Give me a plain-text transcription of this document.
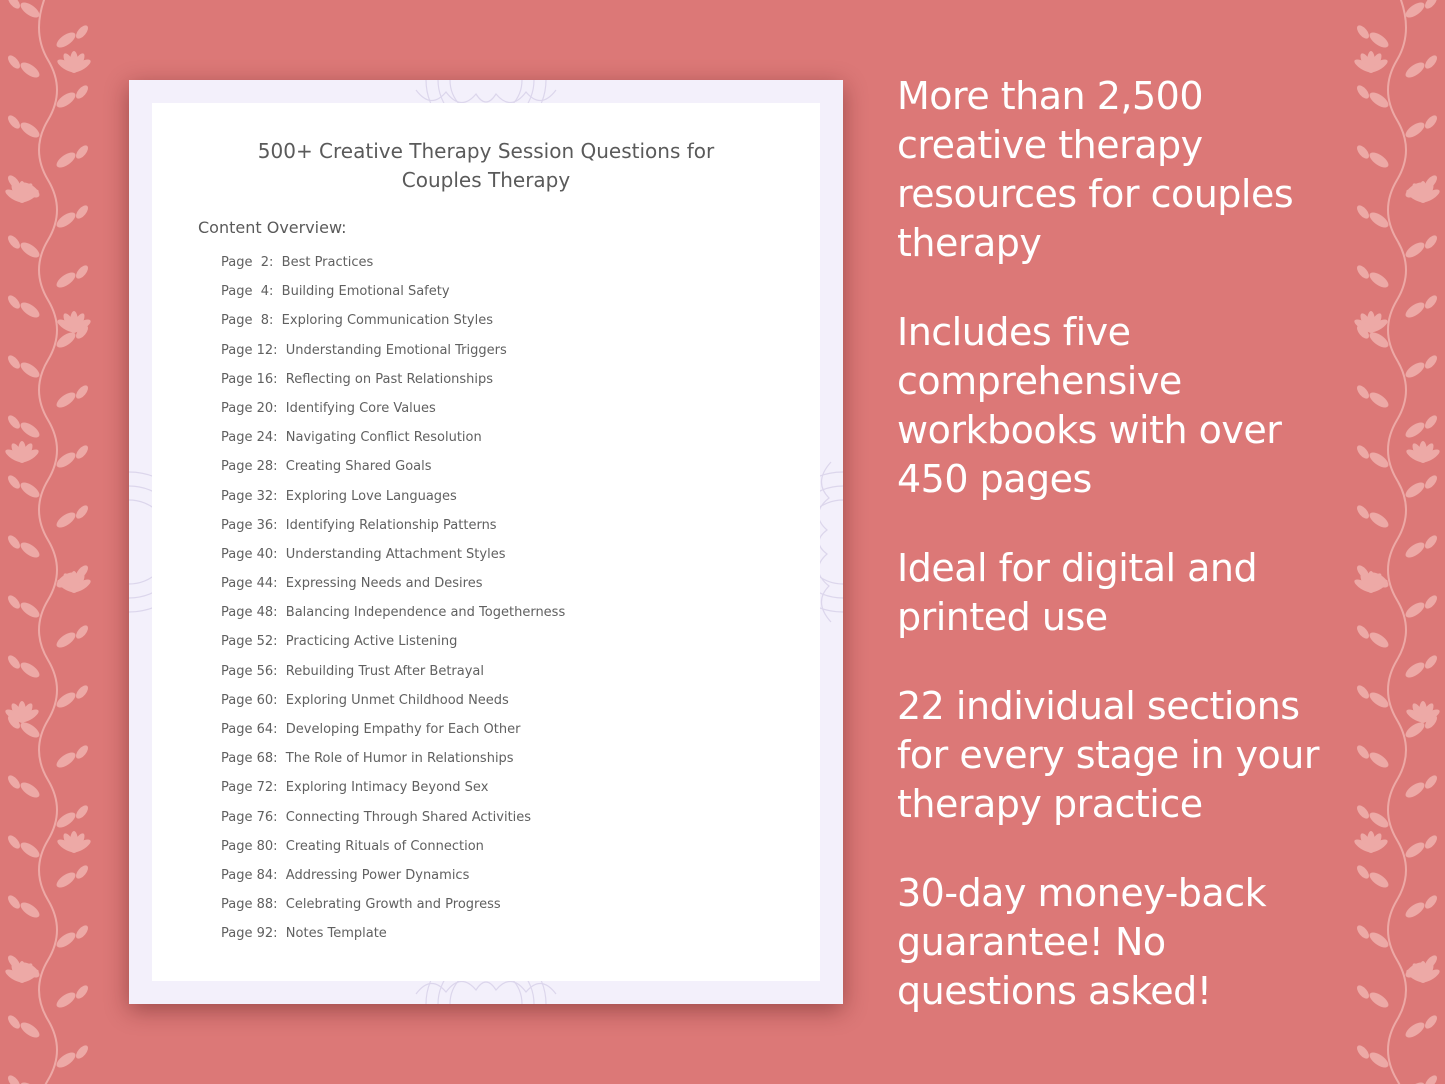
500+ Creative Therapy Session Questions for
Couples Therapy
Content Overview:
Page  2: Best Practices
Page  4: Building Emotional Safety
Page  8: Exploring Communication Styles
Page 12: Understanding Emotional Triggers
Page 16: Reflecting on Past Relationships
Page 20: Identifying Core Values
Page 24: Navigating Conflict Resolution
Page 28: Creating Shared Goals
Page 32: Exploring Love Languages
Page 36: Identifying Relationship Patterns
Page 40: Understanding Attachment Styles
Page 44: Expressing Needs and Desires
Page 48: Balancing Independence and Togetherness
Page 52: Practicing Active Listening
Page 56: Rebuilding Trust After Betrayal
Page 60: Exploring Unmet Childhood Needs
Page 64: Developing Empathy for Each Other
Page 68: The Role of Humor in Relationships
Page 72: Exploring Intimacy Beyond Sex
Page 76: Connecting Through Shared Activities
Page 80: Creating Rituals of Connection
Page 84: Addressing Power Dynamics
Page 88: Celebrating Growth and Progress
Page 92: Notes Template
More than 2,500 creative therapy resources for couples therapy
Includes five comprehensive workbooks with over 450 pages
Ideal for digital and printed use
22 individual sections for every stage in your therapy practice
30-day money-back guarantee! No questions asked!
